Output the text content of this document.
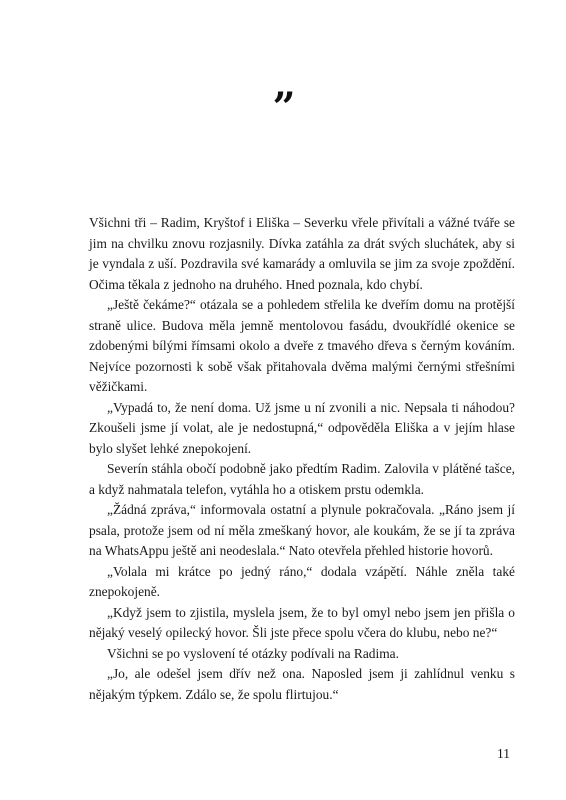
”

Všichni tři – Radim, Kryštof i Eliška – Severku vřele přivítali a vážné tváře se jim na chvilku znovu rozjasnily. Dívka zatáhla za drát svých sluchátek, aby si je vyndala z uší. Pozdravila své kamarády a omluvila se jim za svoje zpoždění. Očima těkala z jednoho na druhého. Hned poznala, kdo chybí.

„Ještě čekáme?“ otázala se a pohledem střelila ke dveřím domu na protější straně ulice. Budova měla jemně mentolovou fasádu, dvoukřídlé okenice se zdobenými bílými římsami okolo a dveře z tmavého dřeva s černým kováním. Nejvíce pozornosti k sobě však přitahovala dvěma malými černými střešními věžičkami.

„Vypadá to, že není doma. Už jsme u ní zvonili a nic. Nepsala ti náhodou? Zkoušeli jsme jí volat, ale je nedostupná,“ odpověděla Eliška a v jejím hlase bylo slyšet lehké znepokojení.

Severín stáhla obočí podobně jako předtím Radim. Zalovila v plátěné tašce, a když nahmatala telefon, vytáhla ho a otiskem prstu odemkla.

„Žádná zpráva,“ informovala ostatní a plynule pokračovala. „Ráno jsem jí psala, protože jsem od ní měla zmeškaný hovor, ale koukám, že se jí ta zpráva na WhatsAppu ještě ani neodeslala.“ Nato otevřela přehled historie hovorů.

„Volala mi krátce po jedný ráno,“ dodala vzápětí. Náhle zněla také znepokojeně.

„Když jsem to zjistila, myslela jsem, že to byl omyl nebo jsem jen přišla o nějaký veselý opilecký hovor. Šli jste přece spolu včera do klubu, nebo ne?“

Všichni se po vyslovení té otázky podívali na Radima.

„Jo, ale odešel jsem dřív než ona. Naposled jsem ji zahlídnul venku s nějakým týpkem. Zdálo se, že spolu flirtujou.“

11
